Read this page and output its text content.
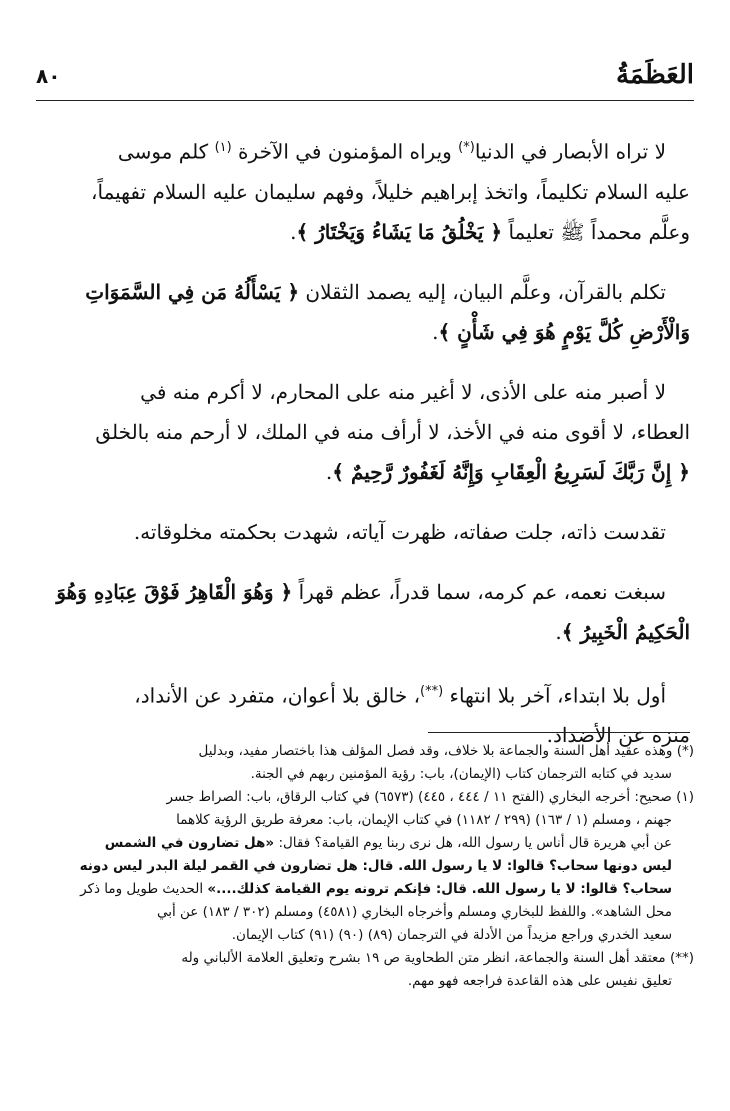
العَظَمَةُ
٨٠

لا تراه الأبصار في الدنيا(*) ويراه المؤمنون في الآخرة $^{(١)}$ كلم موسى

عليه السلام تكليماً، واتخذ إبراهيم خليلاً، وفهم سليمان عليه السلام تفهيماً،

وعلَّم محمداً ﷺ تعليماً ﴿ يَخْلُقُ مَا يَشَاءُ وَيَخْتَارُ ﴾.

تكلم بالقرآن، وعلَّم البيان، إليه يصمد الثقلان ﴿ يَسْأَلُهُ مَن فِي السَّمَوَاتِ

وَالْأَرْضِ كُلَّ يَوْمٍ هُوَ فِي شَأْنٍ ﴾.

لا أصبر منه على الأذى، لا أغير منه على المحارم، لا أكرم منه في

العطاء، لا أقوى منه في الأخذ، لا أرأف منه في الملك، لا أرحم منه بالخلق

﴿ إِنَّ رَبَّكَ لَسَرِيعُ الْعِقَابِ وَإِنَّهُ لَغَفُورٌ رَّحِيمٌ ﴾.

تقدست ذاته، جلت صفاته، ظهرت آياته، شهدت بحكمته مخلوقاته.

سبغت نعمه، عم كرمه، سما قدراً، عظم قهراً ﴿ وَهُوَ الْقَاهِرُ فَوْقَ عِبَادِهِ وَهُوَ

الْحَكِيمُ الْخَبِيرُ ﴾.

أول بلا ابتداء، آخر بلا انتهاء (**)، خالق بلا أعوان، متفرد عن الأنداد،

منزه عن الأضداد.

(*) وهذه عقيد أهل السنة والجماعة بلا خلاف، وقد فصل المؤلف هذا باختصار مفيد، وبدليل
سديد في كتابه الترجمان كتاب (الإيمان)، باب: رؤية المؤمنين ربهم في الجنة.
(١) صحيح: أخرجه البخاري (الفتح ١١ / ٤٤٤ ، ٤٤٥) (٦٥٧٣) في كتاب الرقاق، باب: الصراط جسر
جهنم ، ومسلم (١ / ١٦٣) (٢٩٩ / ١١٨٢) في كتاب الإيمان، باب: معرفة طريق الرؤية كلاهما
عن أبي هريرة قال أناس يا رسول الله، هل نرى ربنا يوم القيامة؟ فقال: «هل تضارون في الشمس
ليس دونها سحاب؟ قالوا: لا يا رسول الله. قال: هل تضارون في القمر ليلة البدر ليس دونه
سحاب؟ قالوا: لا يا رسول الله. قال: فإنكم ترونه يوم القيامة كذلك....» الحديث طويل وما ذكر
محل الشاهد». واللفظ للبخاري ومسلم وأخرجاه البخاري (٤٥٨١) ومسلم (٣٠٢ / ١٨٣) عن أبي
سعيد الخدري وراجع مزيداً من الأدلة في الترجمان (٨٩) (٩٠) (٩١) كتاب الإيمان.
(**) معتقد أهل السنة والجماعة، انظر متن الطحاوية ص ١٩ بشرح وتعليق العلامة الألباني وله
تعليق نفيس على هذه القاعدة فراجعه فهو مهم.
